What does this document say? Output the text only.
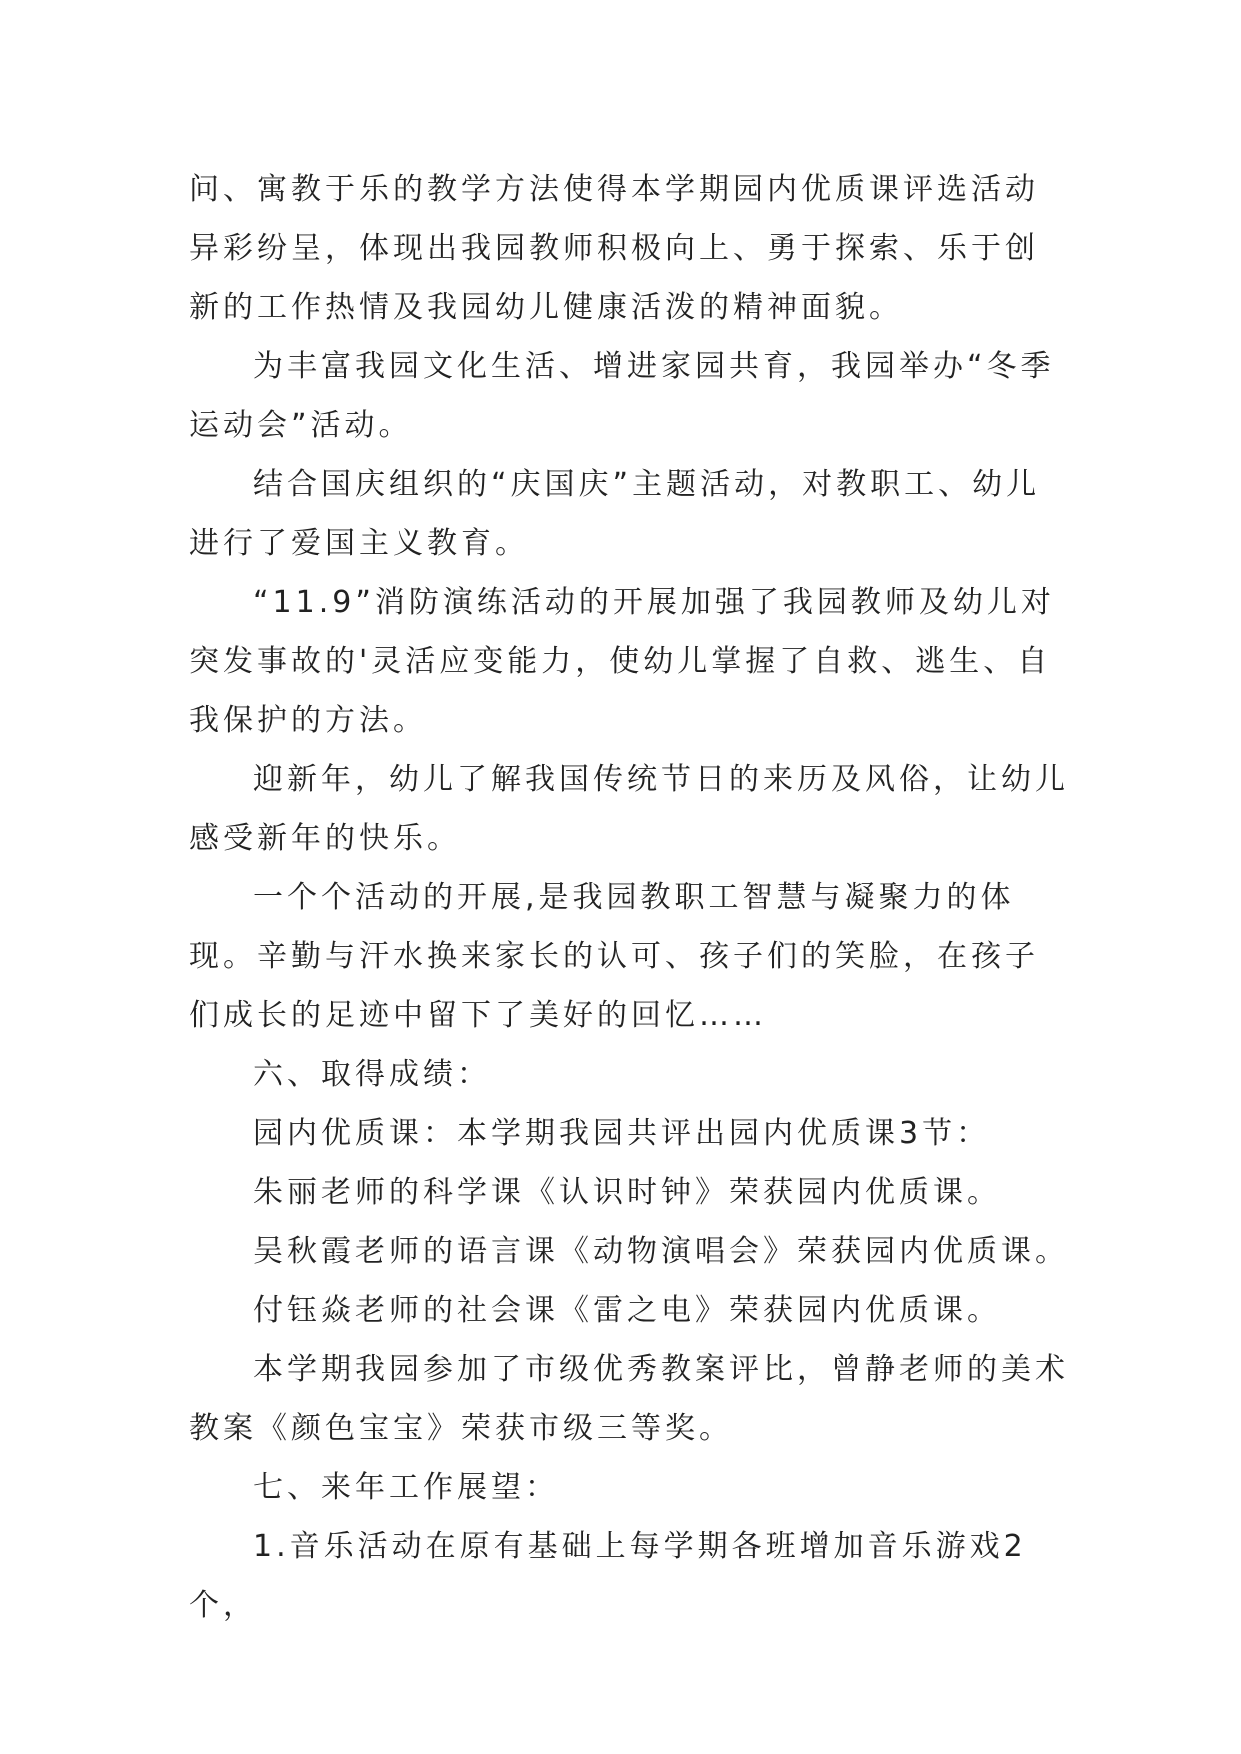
问、寓教于乐的教学方法使得本学期园内优质课评选活动异彩纷呈，体现出我园教师积极向上、勇于探索、乐于创新的工作热情及我园幼儿健康活泼的精神面貌。

为丰富我园文化生活、增进家园共育，我园举办“冬季运动会”活动。

结合国庆组织的“庆国庆”主题活动，对教职工、幼儿进行了爱国主义教育。

“11.9”消防演练活动的开展加强了我园教师及幼儿对突发事故的'灵活应变能力，使幼儿掌握了自救、逃生、自我保护的方法。

迎新年，幼儿了解我国传统节日的来历及风俗，让幼儿感受新年的快乐。

一个个活动的开展,是我园教职工智慧与凝聚力的体现。辛勤与汗水换来家长的认可、孩子们的笑脸，在孩子们成长的足迹中留下了美好的回忆……

六、取得成绩：

园内优质课：本学期我园共评出园内优质课3节：

朱丽老师的科学课《认识时钟》荣获园内优质课。

吴秋霞老师的语言课《动物演唱会》荣获园内优质课。

付钰焱老师的社会课《雷之电》荣获园内优质课。

本学期我园参加了市级优秀教案评比，曾静老师的美术教案《颜色宝宝》荣获市级三等奖。

七、来年工作展望：

1.音乐活动在原有基础上每学期各班增加音乐游戏2个，
